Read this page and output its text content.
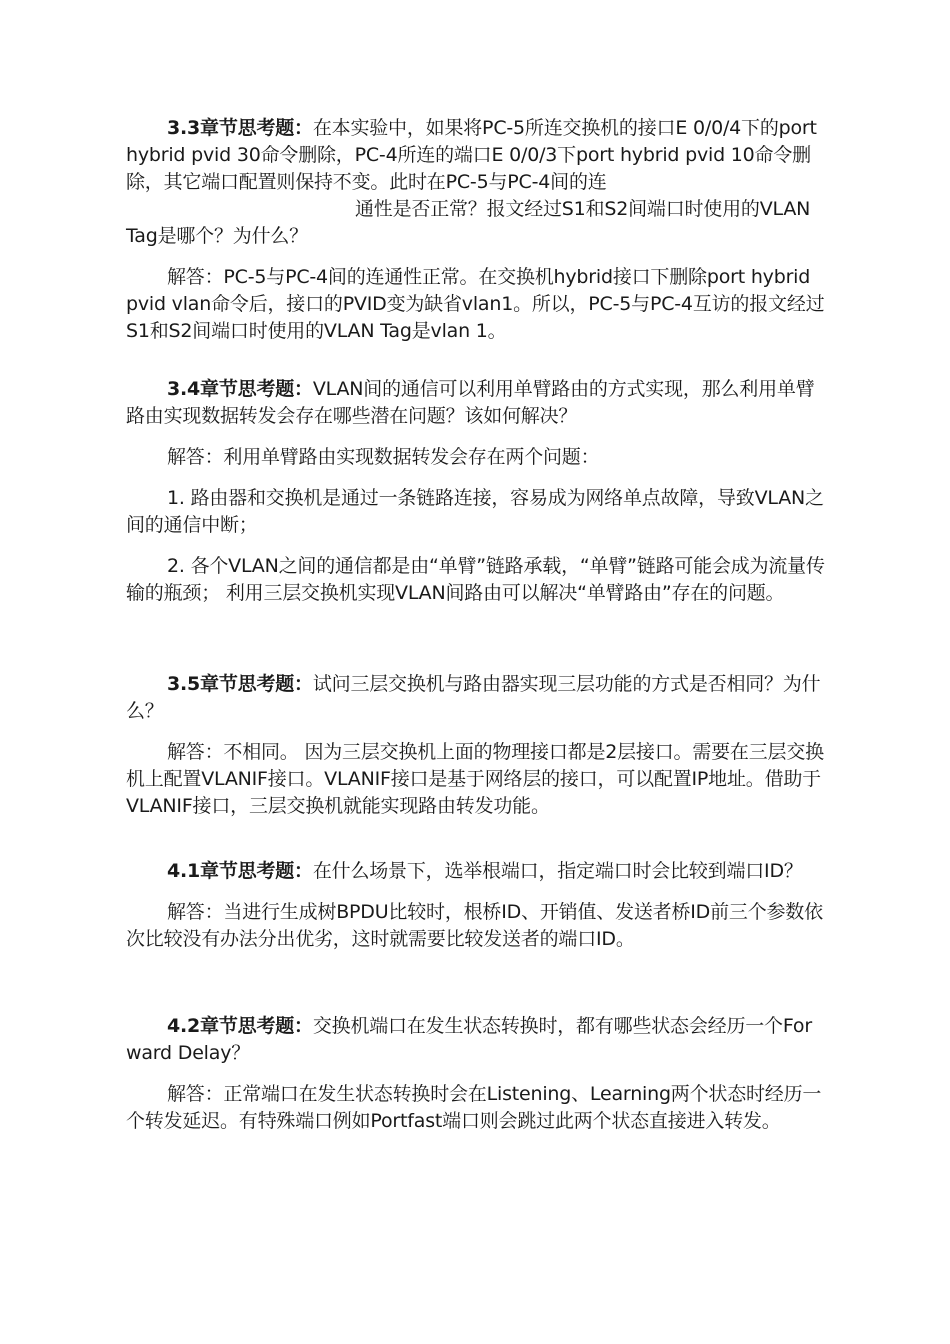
3.3章节思考题：在本实验中，如果将PC-5所连交换机的接口E 0/0/4下的port hybrid pvid 30命令删除，PC-4所连的端口E 0/0/3下port hybrid pvid 10命令删除，其它端口配置则保持不变。此时在PC-5与PC-4间的连

通性是否正常？报文经过S1和S2间端口时使用的VLAN Tag是哪个？为什么？

解答：PC-5与PC-4间的连通性正常。在交换机hybrid接口下删除port hybrid pvid vlan命令后，接口的PVID变为缺省vlan1。所以，PC-5与PC-4互访的报文经过S1和S2间端口时使用的VLAN Tag是vlan 1。

3.4章节思考题：VLAN间的通信可以利用单臂路由的方式实现，那么利用单臂路由实现数据转发会存在哪些潜在问题？该如何解决？

解答：利用单臂路由实现数据转发会存在两个问题：

1. 路由器和交换机是通过一条链路连接，容易成为网络单点故障，导致VLAN之间的通信中断；

2. 各个VLAN之间的通信都是由“单臂”链路承载，“单臂”链路可能会成为流量传输的瓶颈； 利用三层交换机实现VLAN间路由可以解决“单臂路由”存在的问题。

3.5章节思考题：试问三层交换机与路由器实现三层功能的方式是否相同？为什么？

解答：不相同。 因为三层交换机上面的物理接口都是2层接口。需要在三层交换机上配置VLANIF接口。VLANIF接口是基于网络层的接口，可以配置IP地址。借助于VLANIF接口，三层交换机就能实现路由转发功能。

4.1章节思考题：在什么场景下，选举根端口，指定端口时会比较到端口ID？

解答：当进行生成树BPDU比较时，根桥ID、开销值、发送者桥ID前三个参数依次比较没有办法分出优劣，这时就需要比较发送者的端口ID。

4.2章节思考题：交换机端口在发生状态转换时，都有哪些状态会经历一个Forward Delay？

解答：正常端口在发生状态转换时会在Listening、Learning两个状态时经历一个转发延迟。有特殊端口例如Portfast端口则会跳过此两个状态直接进入转发。
